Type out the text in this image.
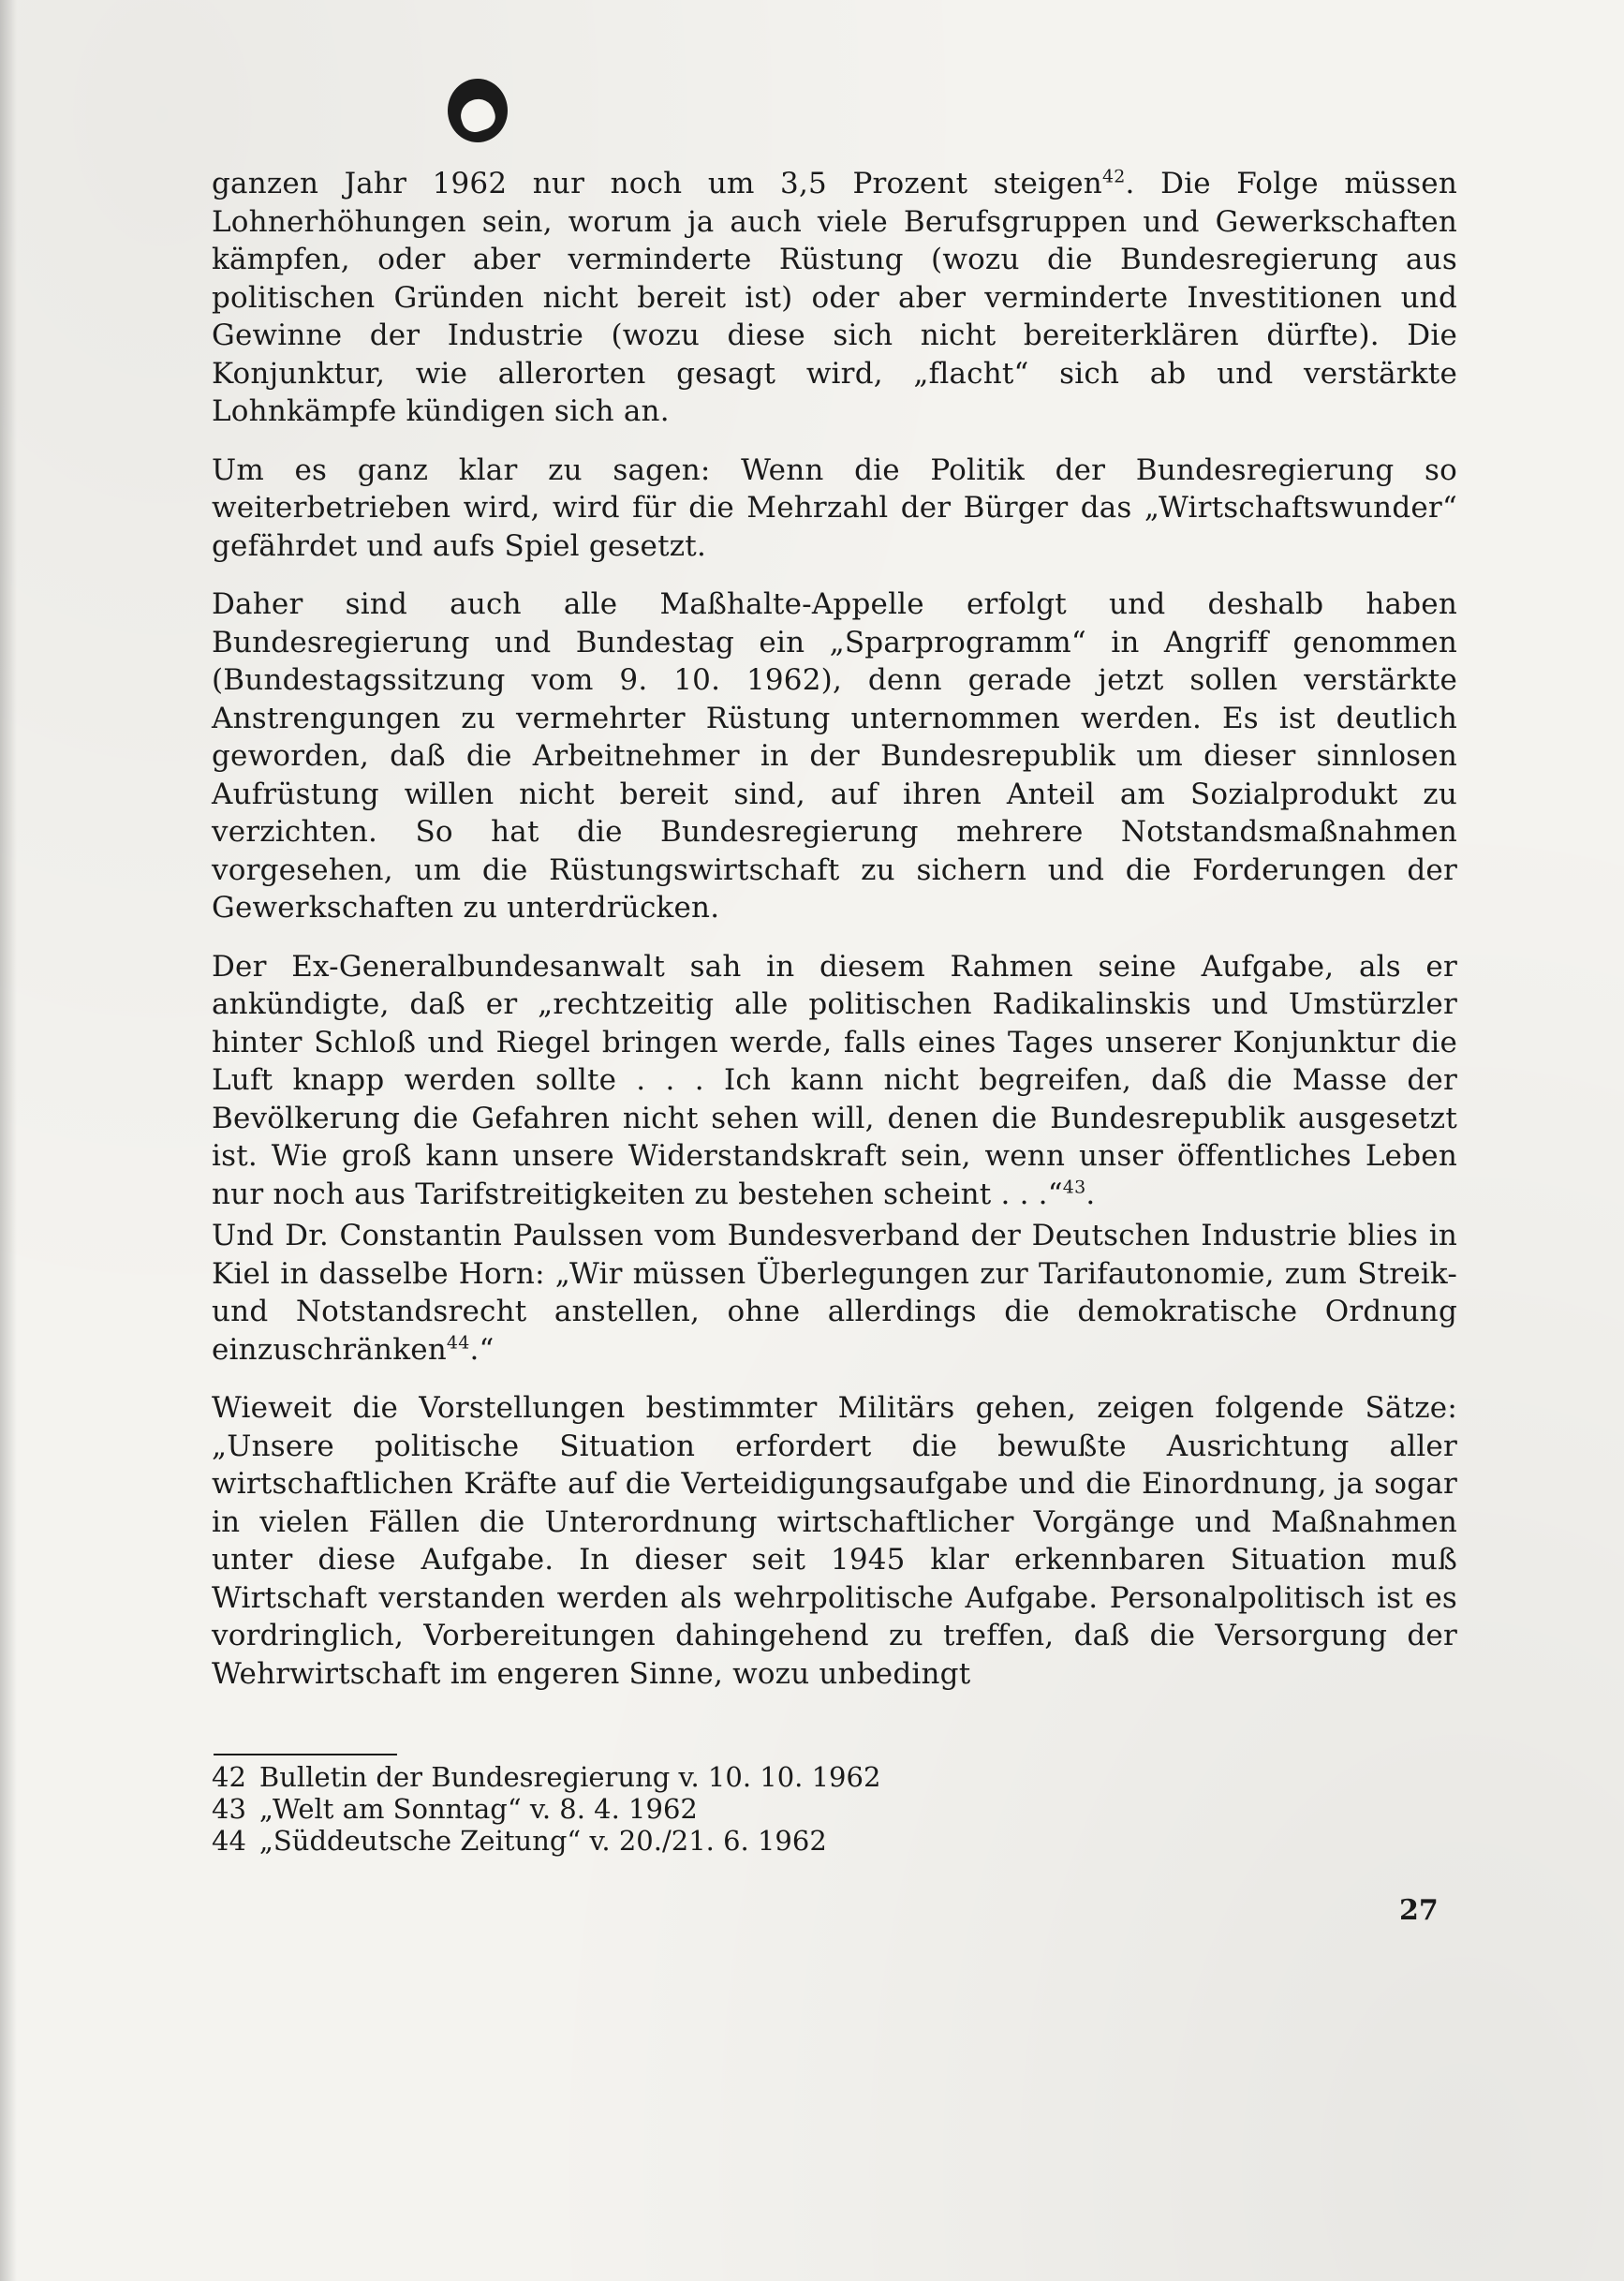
ganzen Jahr 1962 nur noch um 3,5 Prozent steigen$^{42}$. Die Folge müssen Lohnerhöhungen sein, worum ja auch viele Berufsgruppen und Gewerkschaften kämpfen, oder aber verminderte Rüstung (wozu die Bundesregierung aus politischen Gründen nicht bereit ist) oder aber verminderte Investitionen und Gewinne der Industrie (wozu diese sich nicht bereiterklären dürfte). Die Konjunktur, wie allerorten gesagt wird, „flacht“ sich ab und verstärkte Lohnkämpfe kündigen sich an.

Um es ganz klar zu sagen: Wenn die Politik der Bundesregierung so weiterbetrieben wird, wird für die Mehrzahl der Bürger das „Wirtschaftswunder“ gefährdet und aufs Spiel gesetzt.

Daher sind auch alle Maßhalte-Appelle erfolgt und deshalb haben Bundesregierung und Bundestag ein „Sparprogramm“ in Angriff genommen (Bundestagssitzung vom 9. 10. 1962), denn gerade jetzt sollen verstärkte Anstrengungen zu vermehrter Rüstung unternommen werden. Es ist deutlich geworden, daß die Arbeitnehmer in der Bundesrepublik um dieser sinnlosen Aufrüstung willen nicht bereit sind, auf ihren Anteil am Sozialprodukt zu verzichten. So hat die Bundesregierung mehrere Notstandsmaßnahmen vorgesehen, um die Rüstungswirtschaft zu sichern und die Forderungen der Gewerkschaften zu unterdrücken.

Der Ex-Generalbundesanwalt sah in diesem Rahmen seine Aufgabe, als er ankündigte, daß er „rechtzeitig alle politischen Radikalinskis und Umstürzler hinter Schloß und Riegel bringen werde, falls eines Tages unserer Konjunktur die Luft knapp werden sollte . . . Ich kann nicht begreifen, daß die Masse der Bevölkerung die Gefahren nicht sehen will, denen die Bundesrepublik ausgesetzt ist. Wie groß kann unsere Widerstandskraft sein, wenn unser öffentliches Leben nur noch aus Tarifstreitigkeiten zu bestehen scheint . . .“$^{43}$.

Und Dr. Constantin Paulssen vom Bundesverband der Deutschen Industrie blies in Kiel in dasselbe Horn: „Wir müssen Überlegungen zur Tarifautonomie, zum Streik- und Notstandsrecht anstellen, ohne allerdings die demokratische Ordnung einzuschränken$^{44}$.“

Wieweit die Vorstellungen bestimmter Militärs gehen, zeigen folgende Sätze: „Unsere politische Situation erfordert die bewußte Ausrichtung aller wirtschaftlichen Kräfte auf die Verteidigungsaufgabe und die Einordnung, ja sogar in vielen Fällen die Unterordnung wirtschaftlicher Vorgänge und Maßnahmen unter diese Aufgabe. In dieser seit 1945 klar erkennbaren Situation muß Wirtschaft verstanden werden als wehrpolitische Aufgabe. Personalpolitisch ist es vordringlich, Vorbereitungen dahingehend zu treffen, daß die Versorgung der Wehrwirtschaft im engeren Sinne, wozu unbedingt

42 Bulletin der Bundesregierung v. 10. 10. 1962
43 „Welt am Sonntag“ v. 8. 4. 1962
44 „Süddeutsche Zeitung“ v. 20./21. 6. 1962
27
